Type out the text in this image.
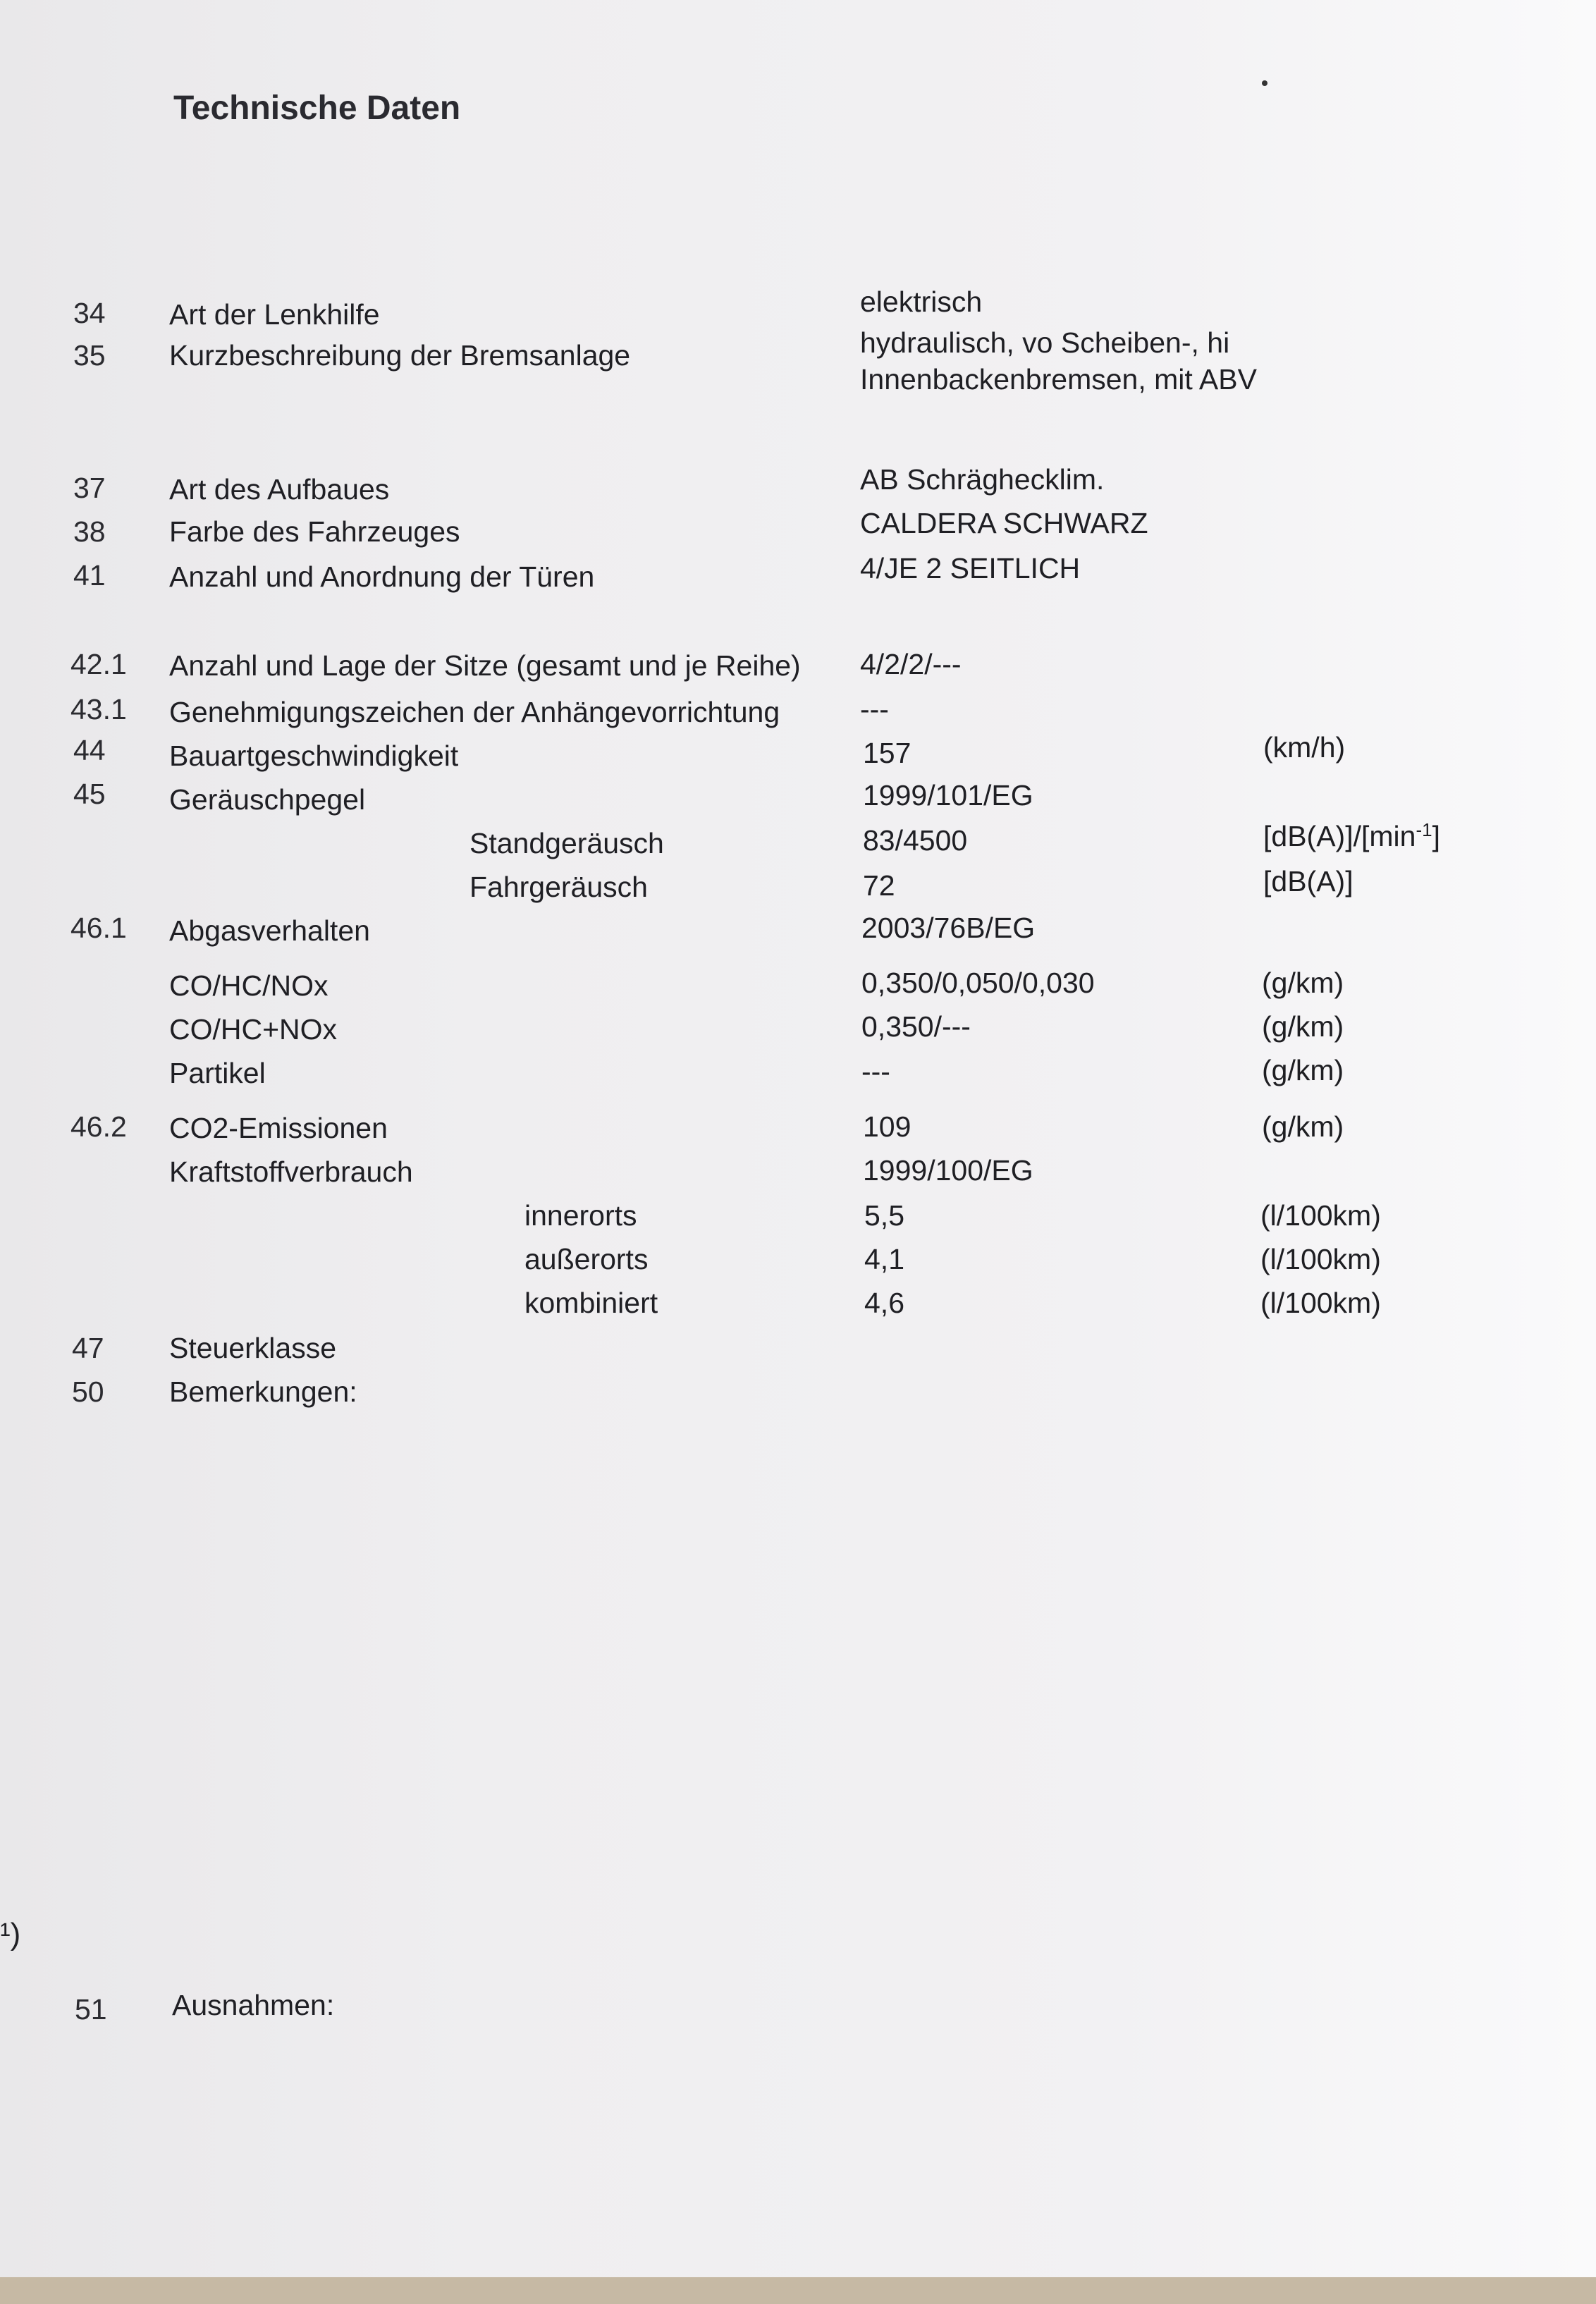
Technische Daten
34 Art der Lenkhilfe	elektrisch
35 Kurzbeschreibung der Bremsanlage	hydraulisch, vo Scheiben-, hi
Innenbackenbremsen, mit ABV
37 Art des Aufbaues	AB Schräghecklim.
38 Farbe des Fahrzeuges	CALDERA SCHWARZ
41 Anzahl und Anordnung der Türen	4/JE 2 SEITLICH
42.1 Anzahl und Lage der Sitze (gesamt und je Reihe) 4/2/2/---
43.1 Genehmigungszeichen der Anhängevorrichtung	---
44 Bauartgeschwindigkeit	157	(km/h)
45 Geräuschpegel	1999/101/EG
Standgeräusch	83/4500	$[dB(A)]/[\min^{-1}]$
Fahrgeräusch	72	[dB(A)]
46.1 Abgasverhalten	2003/76B/EG
CO/HC/NOx	0,350/0,050/0,030	(g/km)
CO/HC+NOx	0,350/---	(g/km)
Partikel	---	(g/km)
46.2 CO2-Emissionen	109	(g/km)
Kraftstoffverbrauch	1999/100/EG
innerorts	5,5	(l/100km)
außerorts	4,1	(l/100km)
kombiniert	4,6	(l/100km)
47 Steuerklasse
50 Bemerkungen:
¹)
51 Ausnahmen:
